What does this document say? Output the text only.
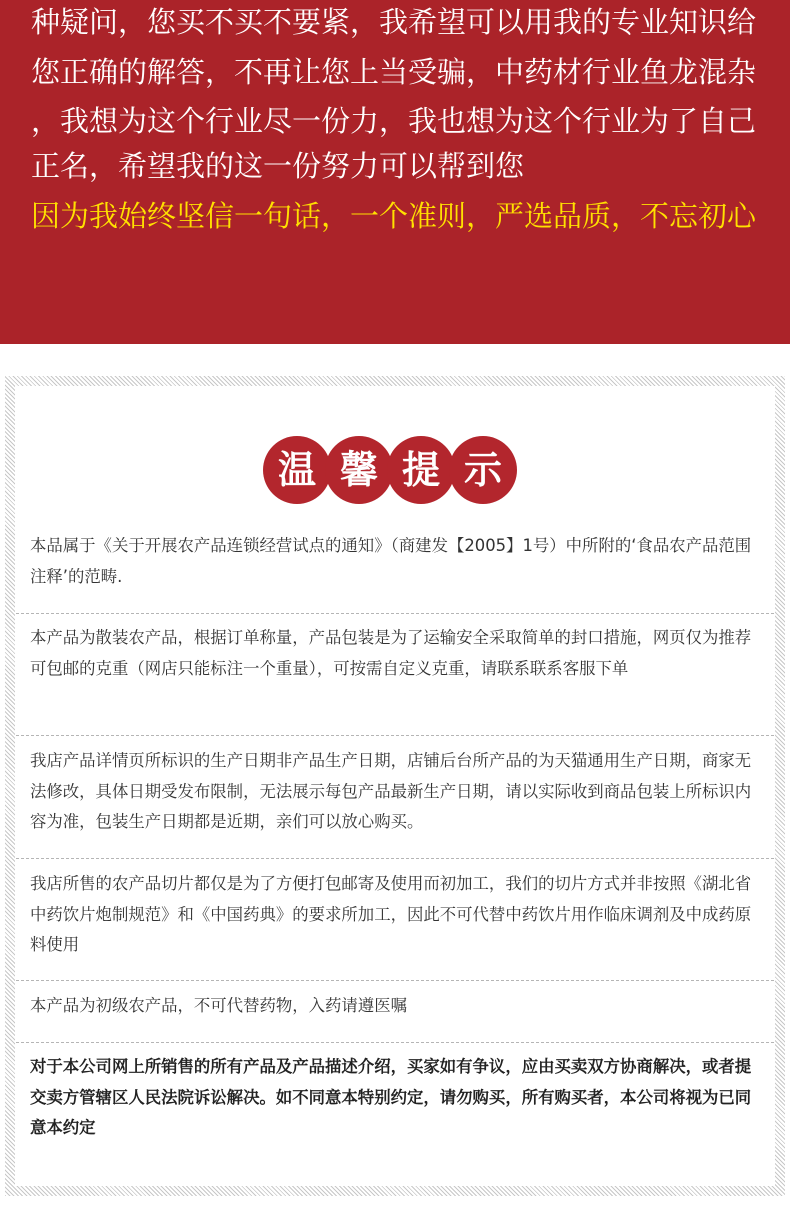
种疑问，您买不买不要紧，我希望可以用我的专业知识给
您正确的解答，不再让您上当受骗，中药材行业鱼龙混杂
，我想为这个行业尽一份力，我也想为这个行业为了自己
正名，希望我的这一份努力可以帮到您
因为我始终坚信一句话，一个准则，严选品质，不忘初心
温 馨 提 示
本品属于《关于开展农产品连锁经营试点的通知》（商建发【2005】1号）中所附的‘食品农产品范围注释’的范畴.
本产品为散装农产品，根据订单称量，产品包装是为了运输安全采取简单的封口措施，网页仅为推荐可包邮的克重（网店只能标注一个重量），可按需自定义克重，请联系联系客服下单
我店产品详情页所标识的生产日期非产品生产日期，店铺后台所产品的为天猫通用生产日期，商家无法修改，具体日期受发布限制，无法展示每包产品最新生产日期，请以实际收到商品包装上所标识内容为准，包装生产日期都是近期，亲们可以放心购买。
我店所售的农产品切片都仅是为了方便打包邮寄及使用而初加工，我们的切片方式并非按照《湖北省中药饮片炮制规范》和《中国药典》的要求所加工，因此不可代替中药饮片用作临床调剂及中成药原料使用
本产品为初级农产品，不可代替药物，入药请遵医嘱
对于本公司网上所销售的所有产品及产品描述介绍，买家如有争议，应由买卖双方协商解决，或者提交卖方管辖区人民法院诉讼解决。如不同意本特别约定，请勿购买，所有购买者，本公司将视为已同意本约定
